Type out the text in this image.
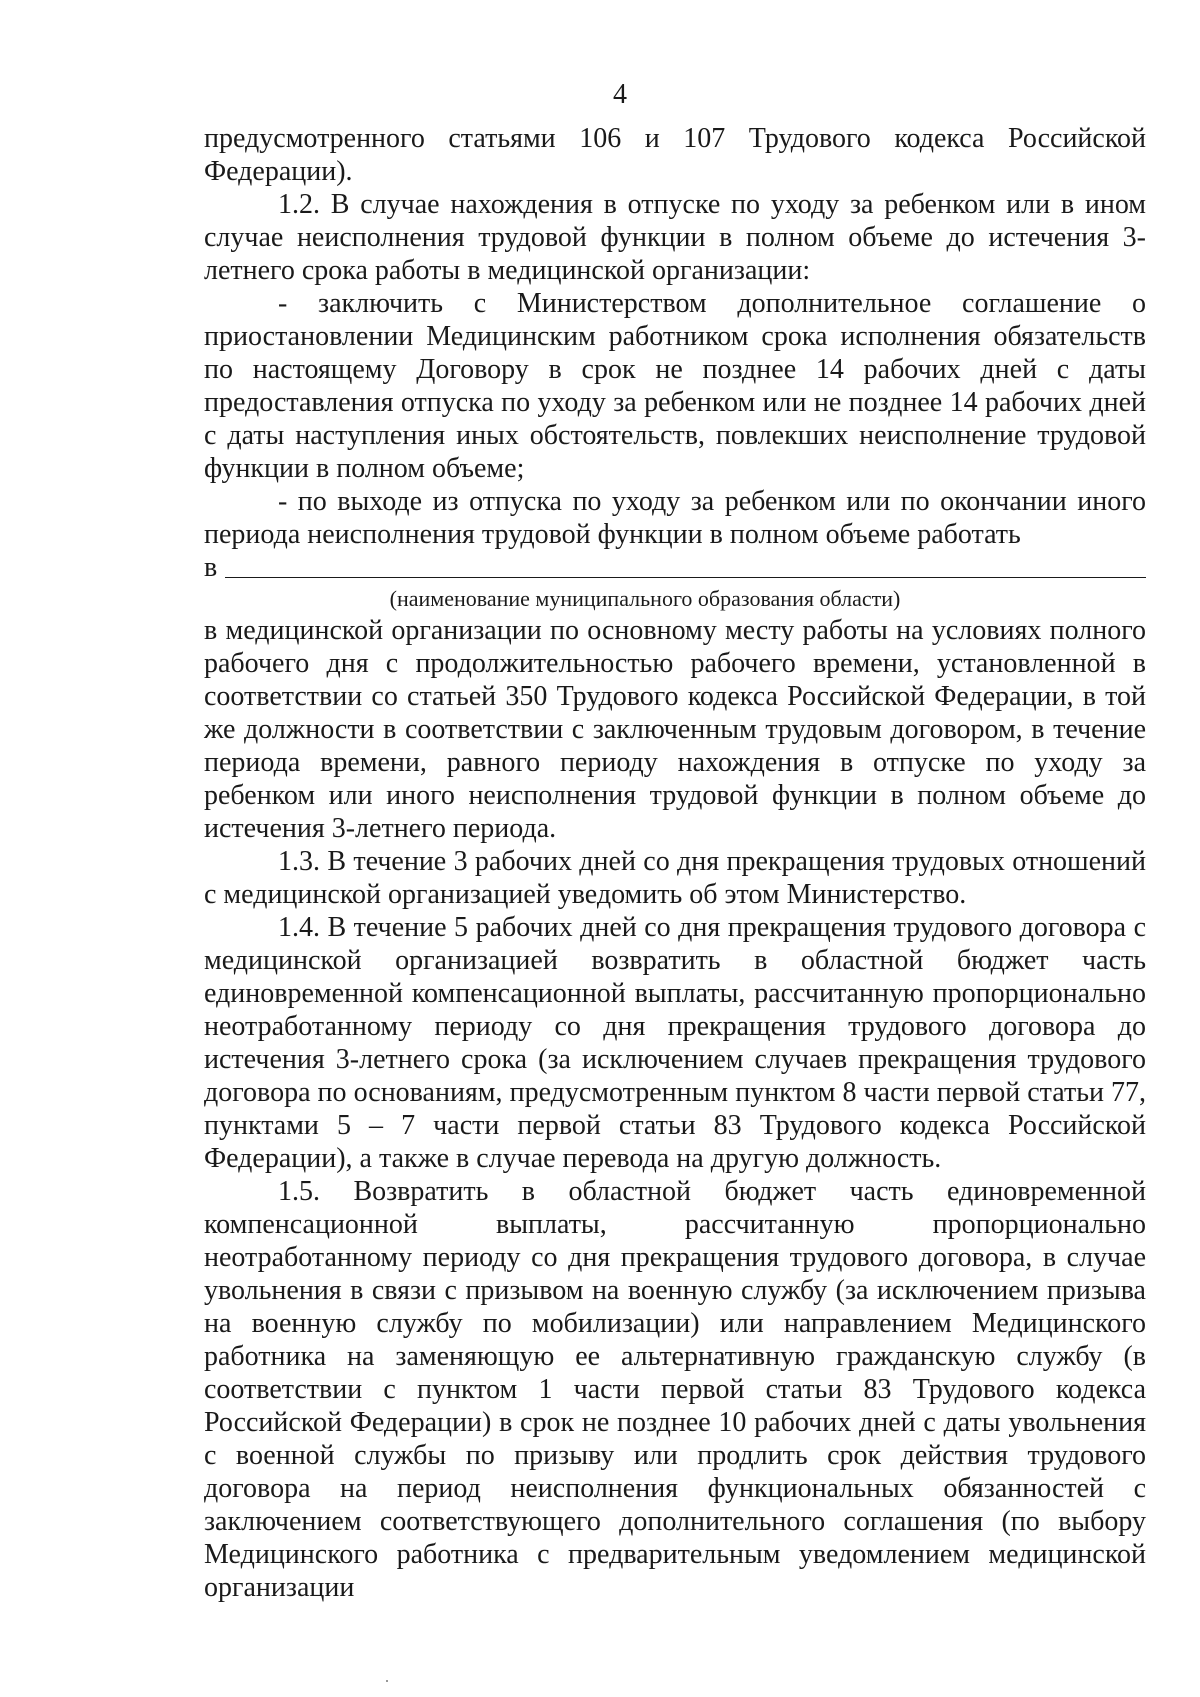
4

предусмотренного статьями 106 и 107 Трудового кодекса Российской Федерации).

1.2. В случае нахождения в отпуске по уходу за ребенком или в ином случае неисполнения трудовой функции в полном объеме до истечения 3-летнего срока работы в медицинской организации:

- заключить с Министерством дополнительное соглашение о приостановлении Медицинским работником срока исполнения обязательств по настоящему Договору в срок не позднее 14 рабочих дней с даты предоставления отпуска по уходу за ребенком или не позднее 14 рабочих дней с даты наступления иных обстоятельств, повлекших неисполнение трудовой функции в полном объеме;

- по выходе из отпуска по уходу за ребенком или по окончании иного периода неисполнения трудовой функции в полном объеме работать

в
(наименование муниципального образования области)

в медицинской организации по основному месту работы на условиях полного рабочего дня с продолжительностью рабочего времени, установленной в соответствии со статьей 350 Трудового кодекса Российской Федерации, в той же должности в соответствии с заключенным трудовым договором, в течение периода времени, равного периоду нахождения в отпуске по уходу за ребенком или иного неисполнения трудовой функции в полном объеме до истечения 3-летнего периода.

1.3. В течение 3 рабочих дней со дня прекращения трудовых отношений с медицинской организацией уведомить об этом Министерство.

1.4. В течение 5 рабочих дней со дня прекращения трудового договора с медицинской организацией возвратить в областной бюджет часть единовременной компенсационной выплаты, рассчитанную пропорционально неотработанному периоду со дня прекращения трудового договора до истечения 3-летнего срока (за исключением случаев прекращения трудового договора по основаниям, предусмотренным пунктом 8 части первой статьи 77, пунктами 5 – 7 части первой статьи 83 Трудового кодекса Российской Федерации), а также в случае перевода на другую должность.

1.5. Возвратить в областной бюджет часть единовременной компенсационной выплаты, рассчитанную пропорционально неотработанному периоду со дня прекращения трудового договора, в случае увольнения в связи с призывом на военную службу (за исключением призыва на военную службу по мобилизации) или направлением Медицинского работника на заменяющую ее альтернативную гражданскую службу (в соответствии с пунктом 1 части первой статьи 83 Трудового кодекса Российской Федерации) в срок не позднее 10 рабочих дней с даты увольнения с военной службы по призыву или продлить срок действия трудового договора на период неисполнения функциональных обязанностей с заключением соответствующего дополнительного соглашения (по выбору Медицинского работника с предварительным уведомлением медицинской организации
